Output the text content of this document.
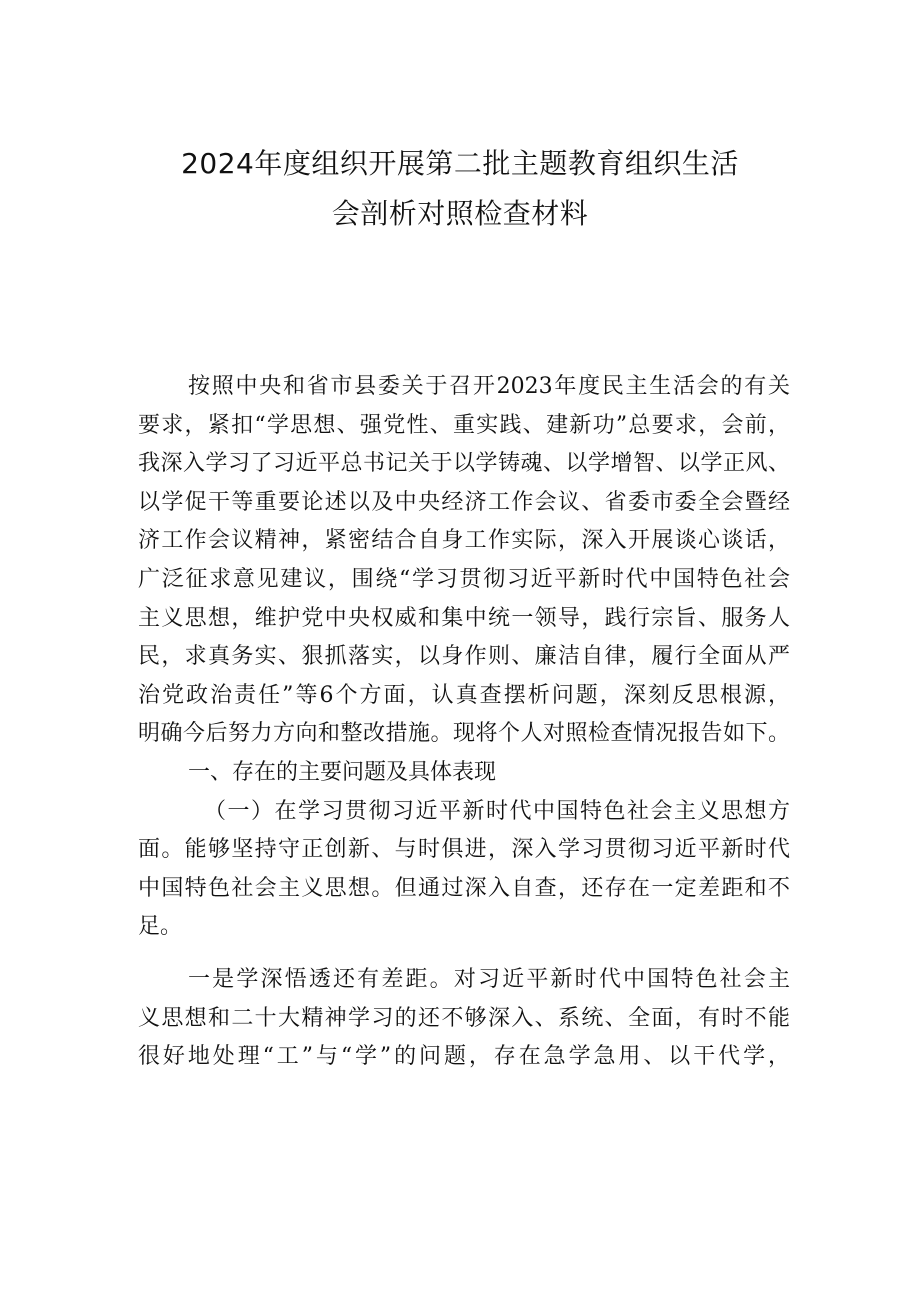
2024年度组织开展第二批主题教育组织生活
会剖析对照检查材料
按照中央和省市县委关于召开2023年度民主生活会的有关
要求，紧扣“学思想、强党性、重实践、建新功”总要求，会前，
我深入学习了习近平总书记关于以学铸魂、以学增智、以学正风、
以学促干等重要论述以及中央经济工作会议、省委市委全会暨经
济工作会议精神，紧密结合自身工作实际，深入开展谈心谈话，
广泛征求意见建议，围绕“学习贯彻习近平新时代中国特色社会
主义思想，维护党中央权威和集中统一领导，践行宗旨、服务人
民，求真务实、狠抓落实，以身作则、廉洁自律，履行全面从严
治党政治责任”等6个方面，认真查摆析问题，深刻反思根源，
明确今后努力方向和整改措施。现将个人对照检查情况报告如下。
一、存在的主要问题及具体表现
（一）在学习贯彻习近平新时代中国特色社会主义思想方
面。能够坚持守正创新、与时俱进，深入学习贯彻习近平新时代
中国特色社会主义思想。但通过深入自查，还存在一定差距和不
足。
一是学深悟透还有差距。对习近平新时代中国特色社会主
义思想和二十大精神学习的还不够深入、系统、全面，有时不能
很好地处理“工”与“学”的问题，存在急学急用、以干代学，
